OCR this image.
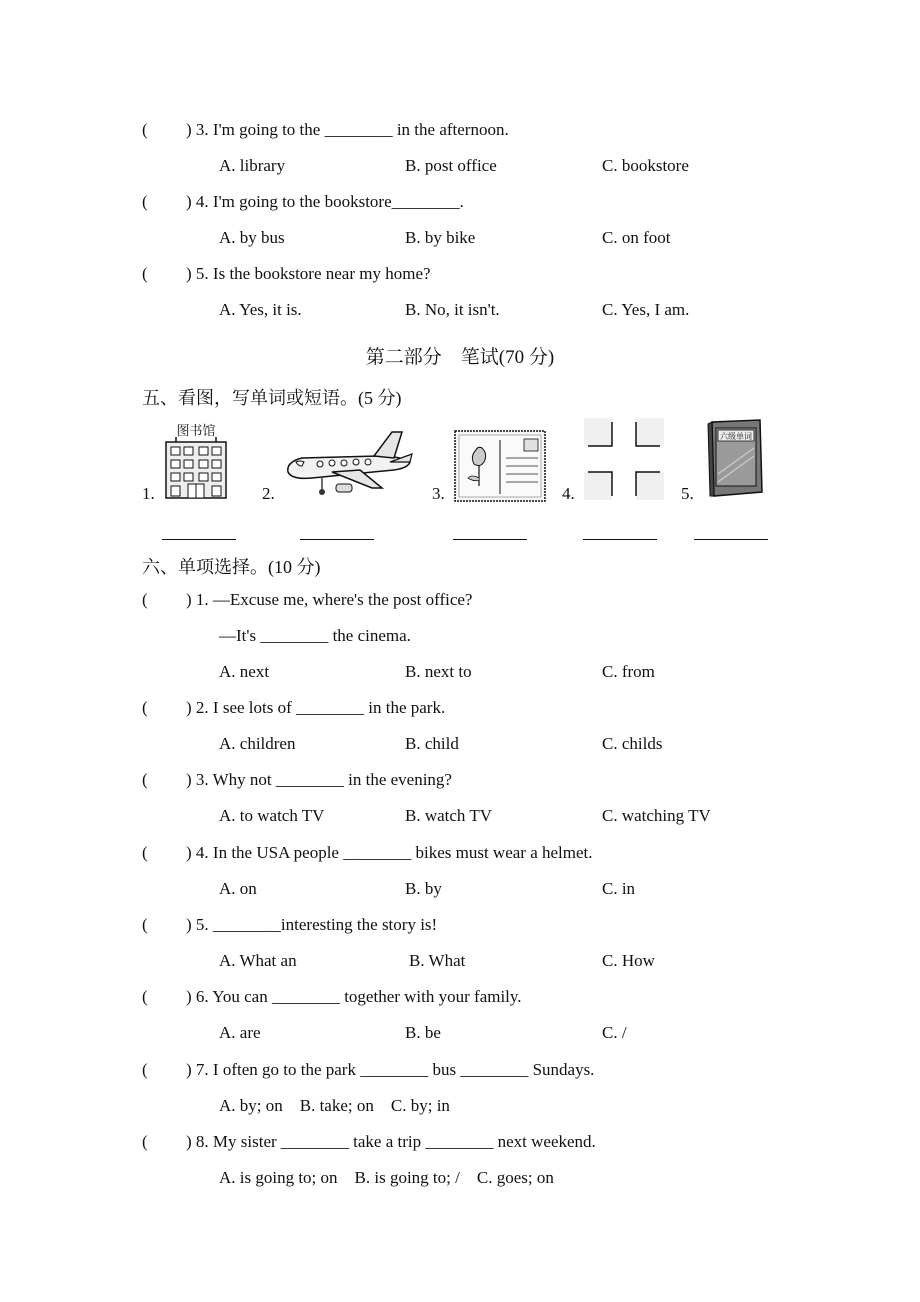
( ) 3. I'm going to the ________ in the afternoon.
A. library	B. post office	C. bookstore
( ) 4. I'm going to the bookstore________.
A. by bus	B. by bike	C. on foot
( ) 5. Is the bookstore near my home?
A. Yes, it is.	B. No, it isn't.	C. Yes, I am.
第二部分　笔试(70 分)
五、看图，写单词或短语。(5 分)
1.
图书馆
2.	3.	4.	5.
六级单词
六、单项选择。(10 分)
( ) 1. —Excuse me, where's the post office?
—It's ________ the cinema.
A. next	B. next to	C. from
( ) 2. I see lots of ________ in the park.
A. children	B. child	C. childs
( ) 3. Why not ________ in the evening?
A. to watch TV	B. watch TV	C. watching TV
( ) 4. In the USA people ________ bikes must wear a helmet.
A. on	B. by	C. in
( ) 5. ________interesting the story is!
A. What an	B. What	C. How
( ) 6. You can ________ together with your family.
A. are	B. be	C. /
( ) 7. I often go to the park ________ bus ________ Sundays.
A. by; on    B. take; on    C. by; in
( ) 8. My sister ________ take a trip ________ next weekend.
A. is going to; on    B. is going to; /    C. goes; on
